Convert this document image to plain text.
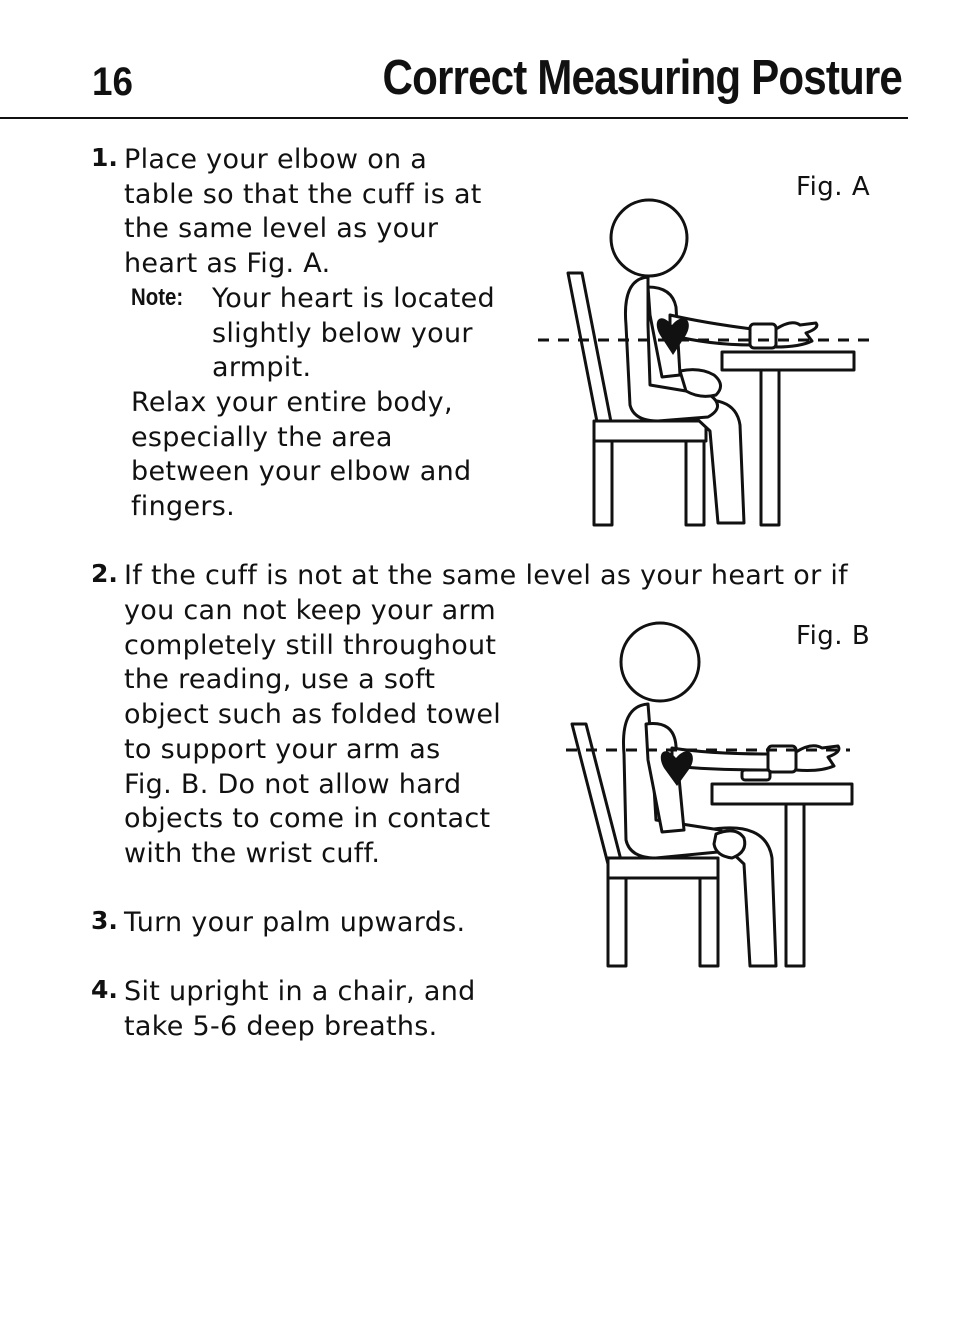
16	Correct Measuring Posture
1. Place your elbow on a
table so that the cuff is at
the same level as your
heart as Fig. A.
Note: Your heart is located
slightly below your
armpit.
Relax your entire body,
especially the area
between your elbow and
fingers.
2. If the cuff is not at the same level as your heart or if
you can not keep your arm
completely still throughout
the reading, use a soft
object such as folded towel
to support your arm as
Fig. B. Do not allow hard
objects to come in contact
with the wrist cuff.
3. Turn your palm upwards.
4. Sit upright in a chair, and
take 5-6 deep breaths.
Fig. A
Fig. B
